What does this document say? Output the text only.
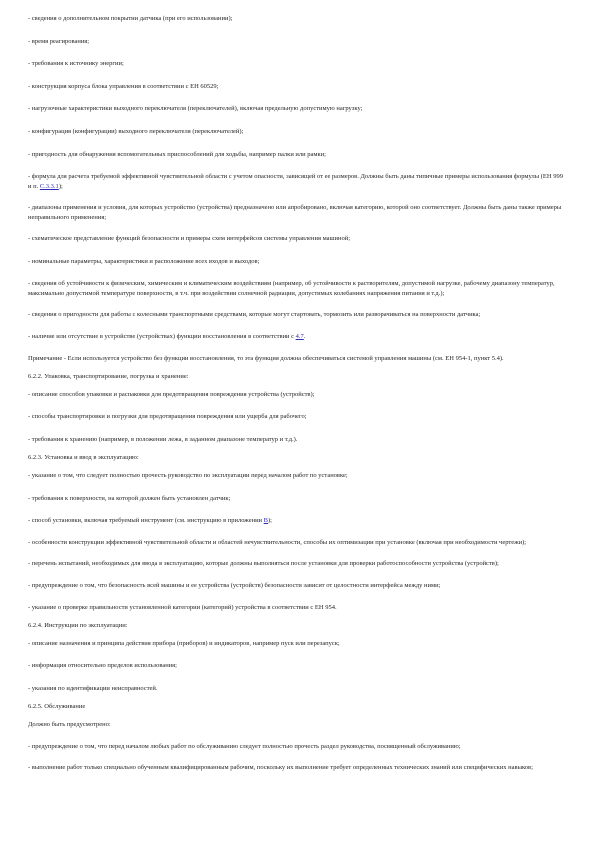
- сведения о дополнительном покрытии датчика (при его использовании);

- время реагирования;

- требования к источнику энергии;

- конструкция корпуса блока управления в соответствии с ЕН 60529;

- нагрузочные характеристики выходного переключателя (переключателей), включая предельную допустимую нагрузку;

- конфигурация (конфигурации) выходного переключателя (переключателей);

- пригодность для обнаружения вспомогательных приспособлений для ходьбы, например палки или рамки;

- формула для расчета требуемой эффективной чувствительной области с учетом опасности, зависящей от ее размеров. Должны быть даны типичные примеры использования формулы (ЕН 999 и п. С.3.3.1);

- диапазоны применения и условия, для которых устройство (устройства) предназначено или апробировано, включая категорию, которой оно соответствует. Должны быть даны также примеры неправильного применения;

- схематическое представление функций безопасности и примеры схем интерфейсов системы управления машиной;

- номинальные параметры, характеристики и расположение всех входов и выходов;

- сведения об устойчивости к физическим, химическим и климатическим воздействиям (например, об устойчивости к растворителям, допустимой нагрузке, рабочему диапазону температур, максимально допустимой температуре поверхности, в т.ч. при воздействии солнечной радиации, допустимых колебаниях напряжения питания и т.д.);

- сведения о пригодности для работы с колесными транспортными средствами, которые могут стартовать, тормозить или разворачиваться на поверхности датчика;

- наличие или отсутствие в устройстве (устройствах) функции восстановления в соответствии с 4.7.

Примечание - Если используется устройство без функции восстановления, то эта функция должна обеспечиваться системой управления машины (см. ЕН 954-1, пункт 5.4).

6.2.2. Упаковка, транспортирование, погрузка и хранение:

- описание способов упаковки и распаковки для предотвращения повреждения устройства (устройств);

- способы транспортировки и погрузки для предотвращения повреждения или ущерба для рабочего;

- требования к хранению (например, в положении лежа, в заданном диапазоне температур и т.д.).

6.2.3. Установка и ввод в эксплуатацию:

- указание о том, что следует полностью прочесть руководство по эксплуатации перед началом работ по установке;

- требования к поверхности, на которой должен быть установлен датчик;

- способ установки, включая требуемый инструмент (см. инструкцию в приложении B);

- особенности конструкции эффективной чувствительной области и областей нечувствительности, способы их оптимизации при установке (включая при необходимости чертежи);

- перечень испытаний, необходимых для ввода в эксплуатацию, которые должны выполняться после установки для проверки работоспособности устройства (устройств);

- предупреждение о том, что безопасность всей машины и ее устройства (устройств) безопасности зависит от целостности интерфейса между ними;

- указание о проверке правильности установленной категории (категорий) устройства в соответствии с ЕН 954.

6.2.4. Инструкции по эксплуатации:

- описание назначения и принципа действия прибора (приборов) и индикаторов, например пуск или перезапуск;

- информация относительно пределов использования;

- указания по идентификации неисправностей.

6.2.5. Обслуживание

Должно быть предусмотрено:

- предупреждение о том, что перед началом любых работ по обслуживанию следует полностью прочесть раздел руководства, посвященный обслуживанию;

- выполнение работ только специально обученным квалифицированным рабочим, поскольку их выполнение требует определенных технических знаний или специфических навыков;
